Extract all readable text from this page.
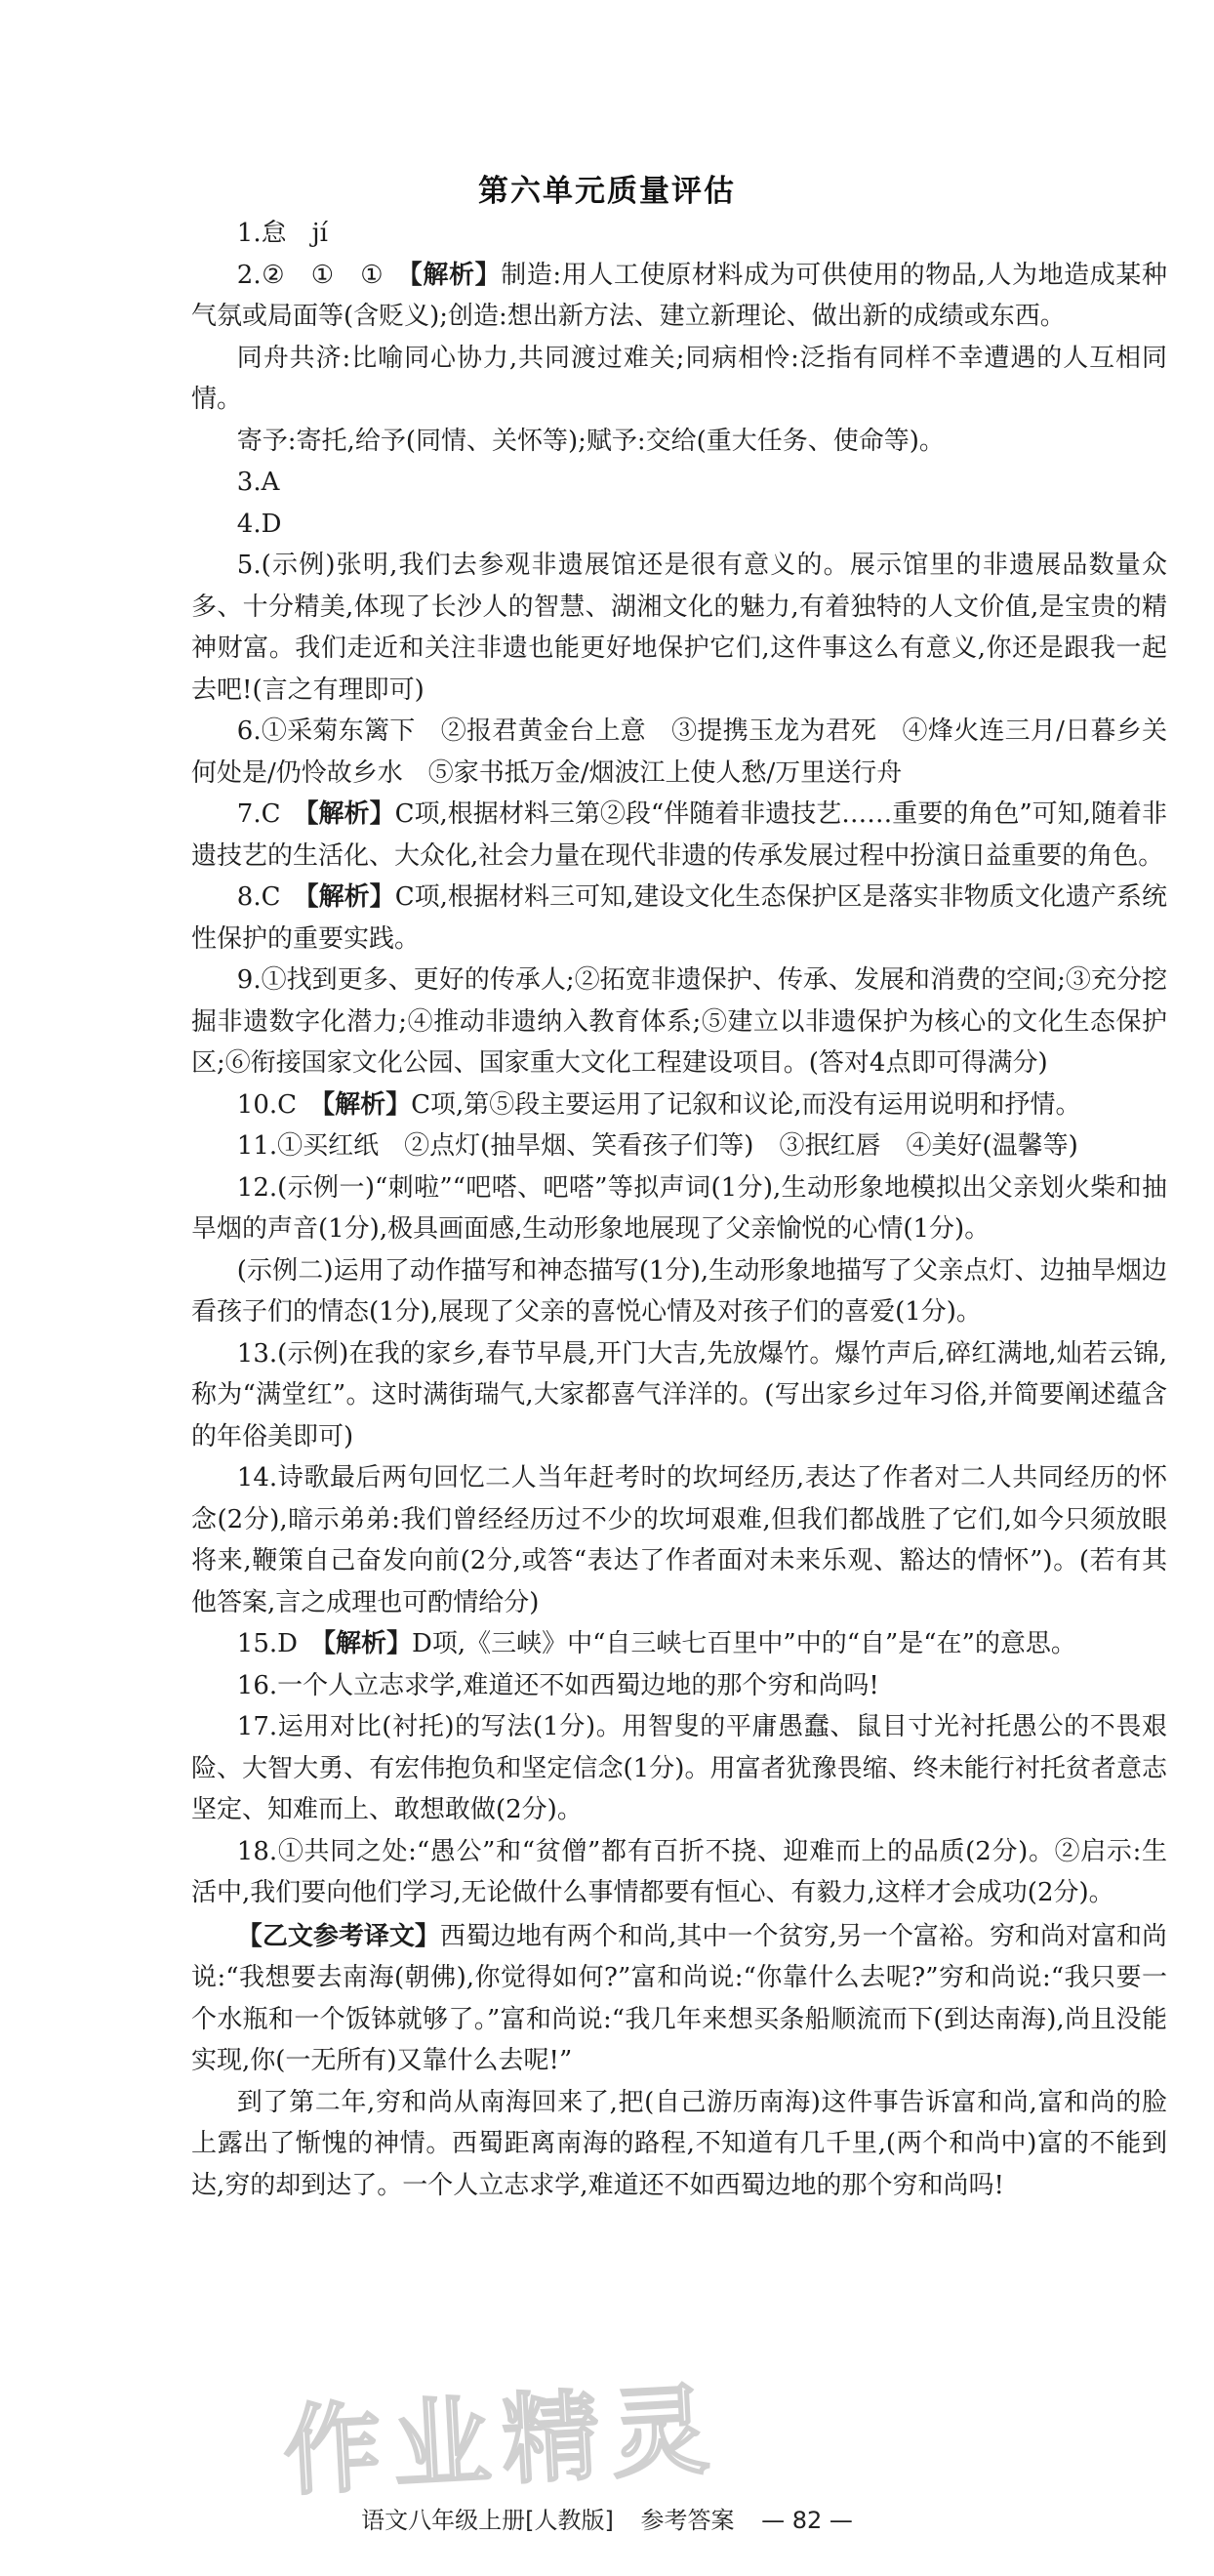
第六单元质量评估

1.怠　jí

2.②　①　①　【解析】制造:用人工使原材料成为可供使用的物品,人为地造成某种气氛或局面等(含贬义);创造:想出新方法、建立新理论、做出新的成绩或东西。

同舟共济:比喻同心协力,共同渡过难关;同病相怜:泛指有同样不幸遭遇的人互相同情。

寄予:寄托,给予(同情、关怀等);赋予:交给(重大任务、使命等)。

3.A

4.D

5.(示例)张明,我们去参观非遗展馆还是很有意义的。展示馆里的非遗展品数量众多、十分精美,体现了长沙人的智慧、湖湘文化的魅力,有着独特的人文价值,是宝贵的精神财富。我们走近和关注非遗也能更好地保护它们,这件事这么有意义,你还是跟我一起去吧!(言之有理即可)

6.①采菊东篱下　②报君黄金台上意　③提携玉龙为君死　④烽火连三月/日暮乡关何处是/仍怜故乡水　⑤家书抵万金/烟波江上使人愁/万里送行舟

7.C　【解析】C项,根据材料三第②段“伴随着非遗技艺……重要的角色”可知,随着非遗技艺的生活化、大众化,社会力量在现代非遗的传承发展过程中扮演日益重要的角色。

8.C　【解析】C项,根据材料三可知,建设文化生态保护区是落实非物质文化遗产系统性保护的重要实践。

9.①找到更多、更好的传承人;②拓宽非遗保护、传承、发展和消费的空间;③充分挖掘非遗数字化潜力;④推动非遗纳入教育体系;⑤建立以非遗保护为核心的文化生态保护区;⑥衔接国家文化公园、国家重大文化工程建设项目。(答对4点即可得满分)

10.C　【解析】C项,第⑤段主要运用了记叙和议论,而没有运用说明和抒情。

11.①买红纸　②点灯(抽旱烟、笑看孩子们等)　③抿红唇　④美好(温馨等)

12.(示例一)“刺啦”“吧嗒、吧嗒”等拟声词(1分),生动形象地模拟出父亲划火柴和抽旱烟的声音(1分),极具画面感,生动形象地展现了父亲愉悦的心情(1分)。

(示例二)运用了动作描写和神态描写(1分),生动形象地描写了父亲点灯、边抽旱烟边看孩子们的情态(1分),展现了父亲的喜悦心情及对孩子们的喜爱(1分)。

13.(示例)在我的家乡,春节早晨,开门大吉,先放爆竹。爆竹声后,碎红满地,灿若云锦,称为“满堂红”。这时满街瑞气,大家都喜气洋洋的。(写出家乡过年习俗,并简要阐述蕴含的年俗美即可)

14.诗歌最后两句回忆二人当年赶考时的坎坷经历,表达了作者对二人共同经历的怀念(2分),暗示弟弟:我们曾经经历过不少的坎坷艰难,但我们都战胜了它们,如今只须放眼将来,鞭策自己奋发向前(2分,或答“表达了作者面对未来乐观、豁达的情怀”)。(若有其他答案,言之成理也可酌情给分)

15.D　【解析】D项,《三峡》中“自三峡七百里中”中的“自”是“在”的意思。

16.一个人立志求学,难道还不如西蜀边地的那个穷和尚吗!

17.运用对比(衬托)的写法(1分)。用智叟的平庸愚蠢、鼠目寸光衬托愚公的不畏艰险、大智大勇、有宏伟抱负和坚定信念(1分)。用富者犹豫畏缩、终未能行衬托贫者意志坚定、知难而上、敢想敢做(2分)。

18.①共同之处:“愚公”和“贫僧”都有百折不挠、迎难而上的品质(2分)。②启示:生活中,我们要向他们学习,无论做什么事情都要有恒心、有毅力,这样才会成功(2分)。

【乙文参考译文】西蜀边地有两个和尚,其中一个贫穷,另一个富裕。穷和尚对富和尚说:“我想要去南海(朝佛),你觉得如何?”富和尚说:“你靠什么去呢?”穷和尚说:“我只要一个水瓶和一个饭钵就够了。”富和尚说:“我几年来想买条船顺流而下(到达南海),尚且没能实现,你(一无所有)又靠什么去呢!”

到了第二年,穷和尚从南海回来了,把(自己游历南海)这件事告诉富和尚,富和尚的脸上露出了惭愧的神情。西蜀距离南海的路程,不知道有几千里,(两个和尚中)富的不能到达,穷的却到达了。一个人立志求学,难道还不如西蜀边地的那个穷和尚吗!

作业精灵
语文八年级上册[人教版] 参考答案 — 82 —
